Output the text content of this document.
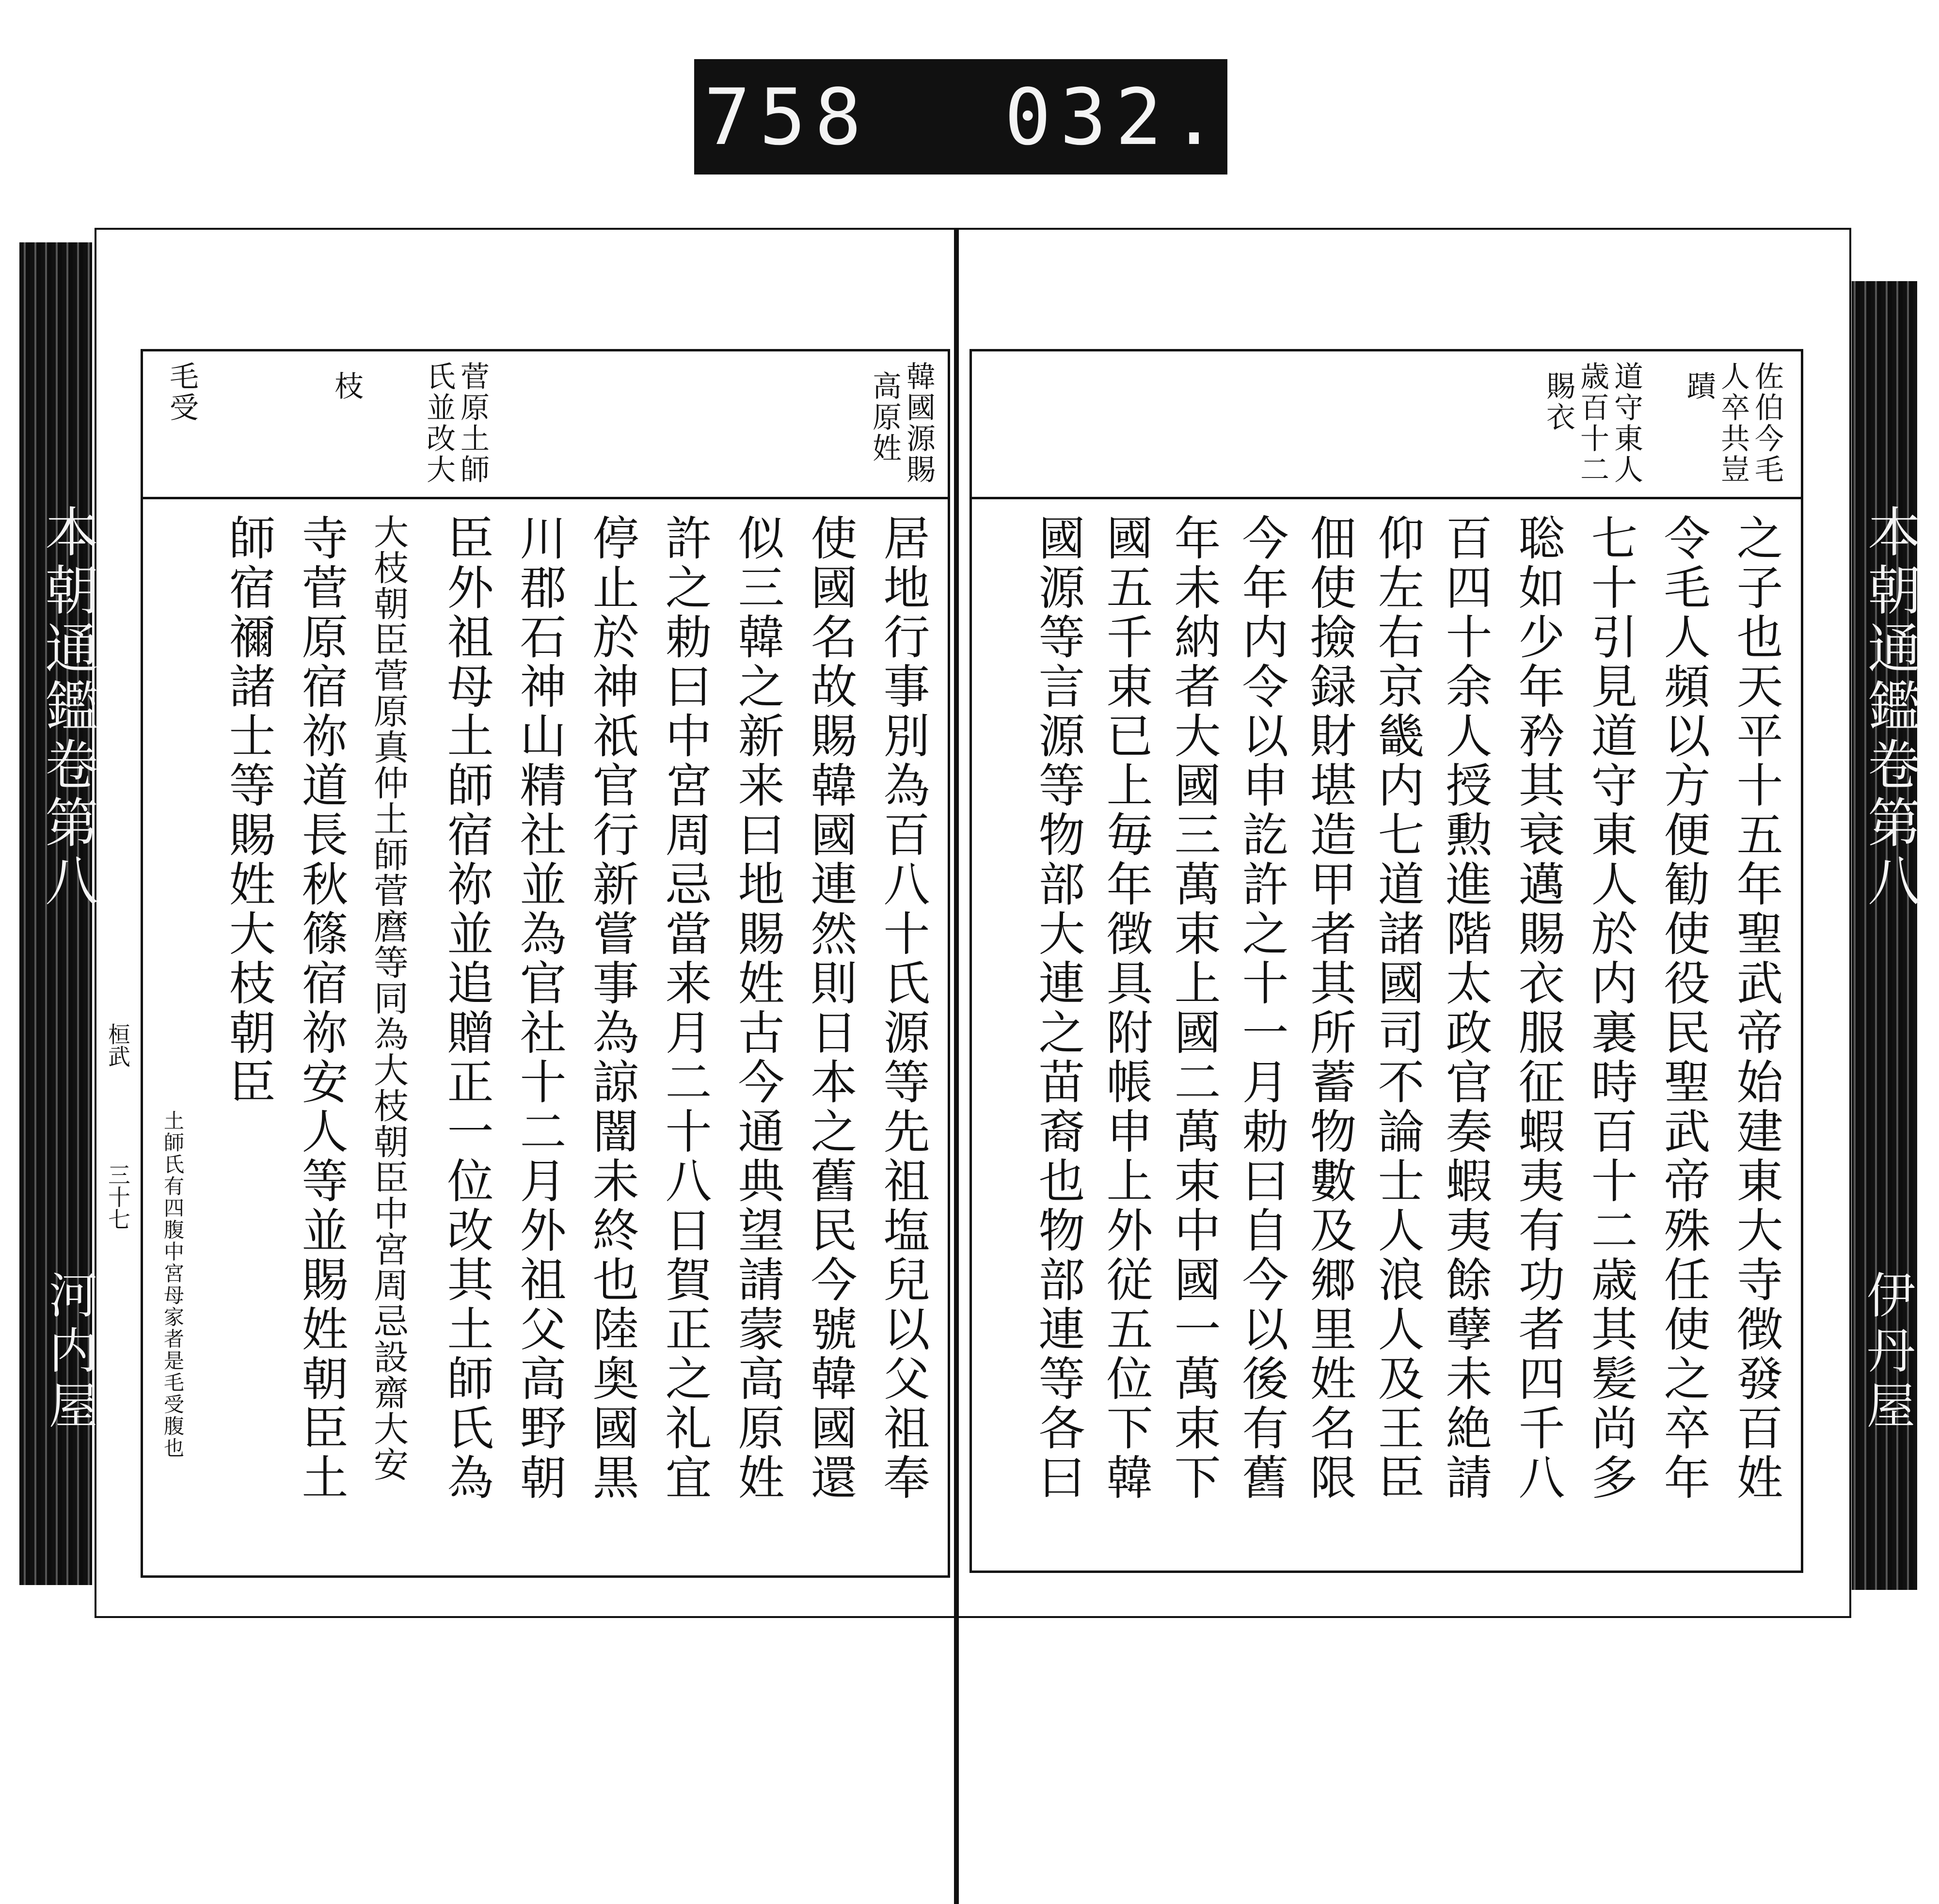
758 032.
本朝通鑑卷第八
桓武
三十七
河内屋
韓國源賜
高原姓
菅原土師
氏並改大
枝
毛受
居地行事別為百八十氏源等先祖塩兒以父祖奉
使國名故賜韓國連然則日本之舊民今號韓國還
似三韓之新来曰地賜姓古今通典望請蒙高原姓
許之勅曰中宮周忌當来月二十八日賀正之礼宜
停止於神祇官行新嘗事為諒闇未終也陸奥國黒
川郡石神山精社並為官社十二月外祖父高野朝
臣外祖母土師宿祢並追贈正一位改其土師氏為
大枝朝臣菅原真仲土師菅麿等同為大枝朝臣中宮周忌設齋大安
寺菅原宿祢道長秋篠宿祢安人等並賜姓朝臣土
師宿禰諸士等賜姓大枝朝臣
土師氏有四腹中宮母家者是毛受腹也
佐伯今毛
人卒共豈
蹟
道守東人
歳百十二
賜衣
之子也天平十五年聖武帝始建東大寺徴發百姓
令毛人頻以方便勧使役民聖武帝殊任使之卒年
七十引見道守東人於内裏時百十二歳其髪尚多
聡如少年矜其衰邁賜衣服征蝦夷有功者四千八
百四十余人授勲進階太政官奏蝦夷餘孽未絶請
仰左右京畿内七道諸國司不論士人浪人及王臣
佃使撿録財堪造甲者其所蓄物數及郷里姓名限
今年内令以申訖許之十一月勅曰自今以後有舊
年未納者大國三萬束上國二萬束中國一萬束下
國五千束已上毎年徴具附帳申上外従五位下韓
國源等言源等物部大連之苗裔也物部連等各曰	本朝通鑑卷第八
伊丹屋
